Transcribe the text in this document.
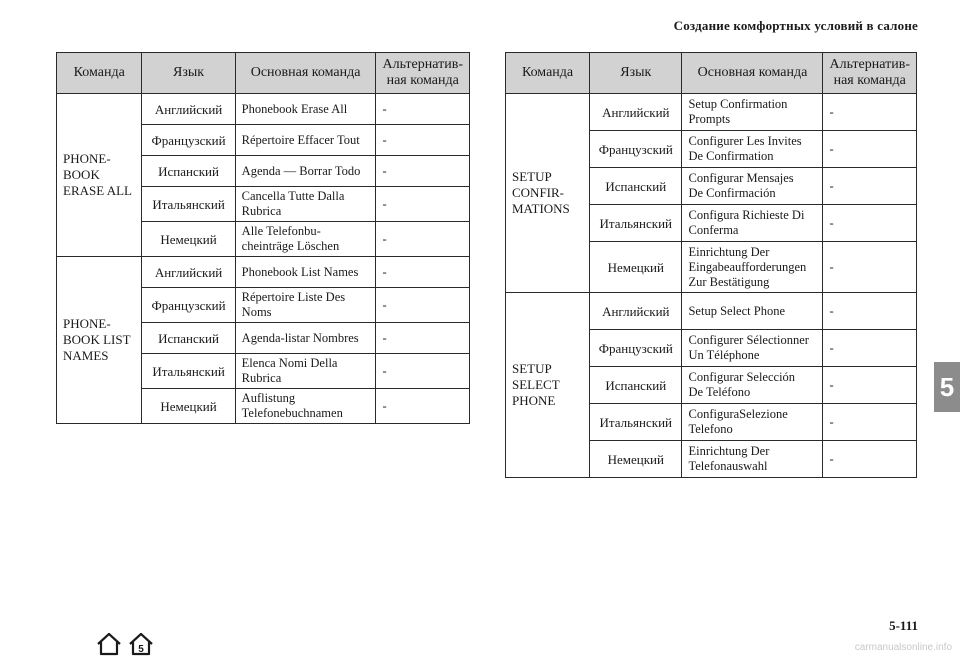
Создание комфортных условий в салоне
Команда	Язык	Основная команда	Альтернатив-
ная команда

PHONE-
BOOK
ERASE ALL	Английский	Phonebook Erase All	-
	Французский	Répertoire Effacer Tout	-
	Испанский	Agenda — Borrar Todo	-
	Итальянский	Cancella Tutte Dalla
Rubrica	-
	Немецкий	Alle Telefonbu-
cheinträge Löschen	-

PHONE-
BOOK LIST
NAMES	Английский	Phonebook List Names	-
	Французский	Répertoire Liste Des
Noms	-
	Испанский	Agenda-listar Nombres	-
	Итальянский	Elenca Nomi Della
Rubrica	-
	Немецкий	Auflistung
Telefonebuchnamen	-
Команда	Язык	Основная команда	Альтернатив-
ная команда

SETUP
CONFIR-
MATIONS	Английский	Setup Confirmation
Prompts	-
	Французский	Configurer Les Invites
De Confirmation	-
	Испанский	Configurar Mensajes
De Confirmación	-
	Итальянский	Configura Richieste Di
Conferma	-
	Немецкий	Einrichtung Der
Eingabeaufforderungen
Zur Bestätigung	-

SETUP
SELECT
PHONE	Английский	Setup Select Phone	-
	Французский	Configurer Sélectionner
Un Téléphone	-
	Испанский	Configurar Selección
De Teléfono	-
	Итальянский	ConfiguraSelezione
Telefono	-
	Немецкий	Einrichtung Der
Telefonauswahl	-
5
5
5-111
carmanualsonline.info
